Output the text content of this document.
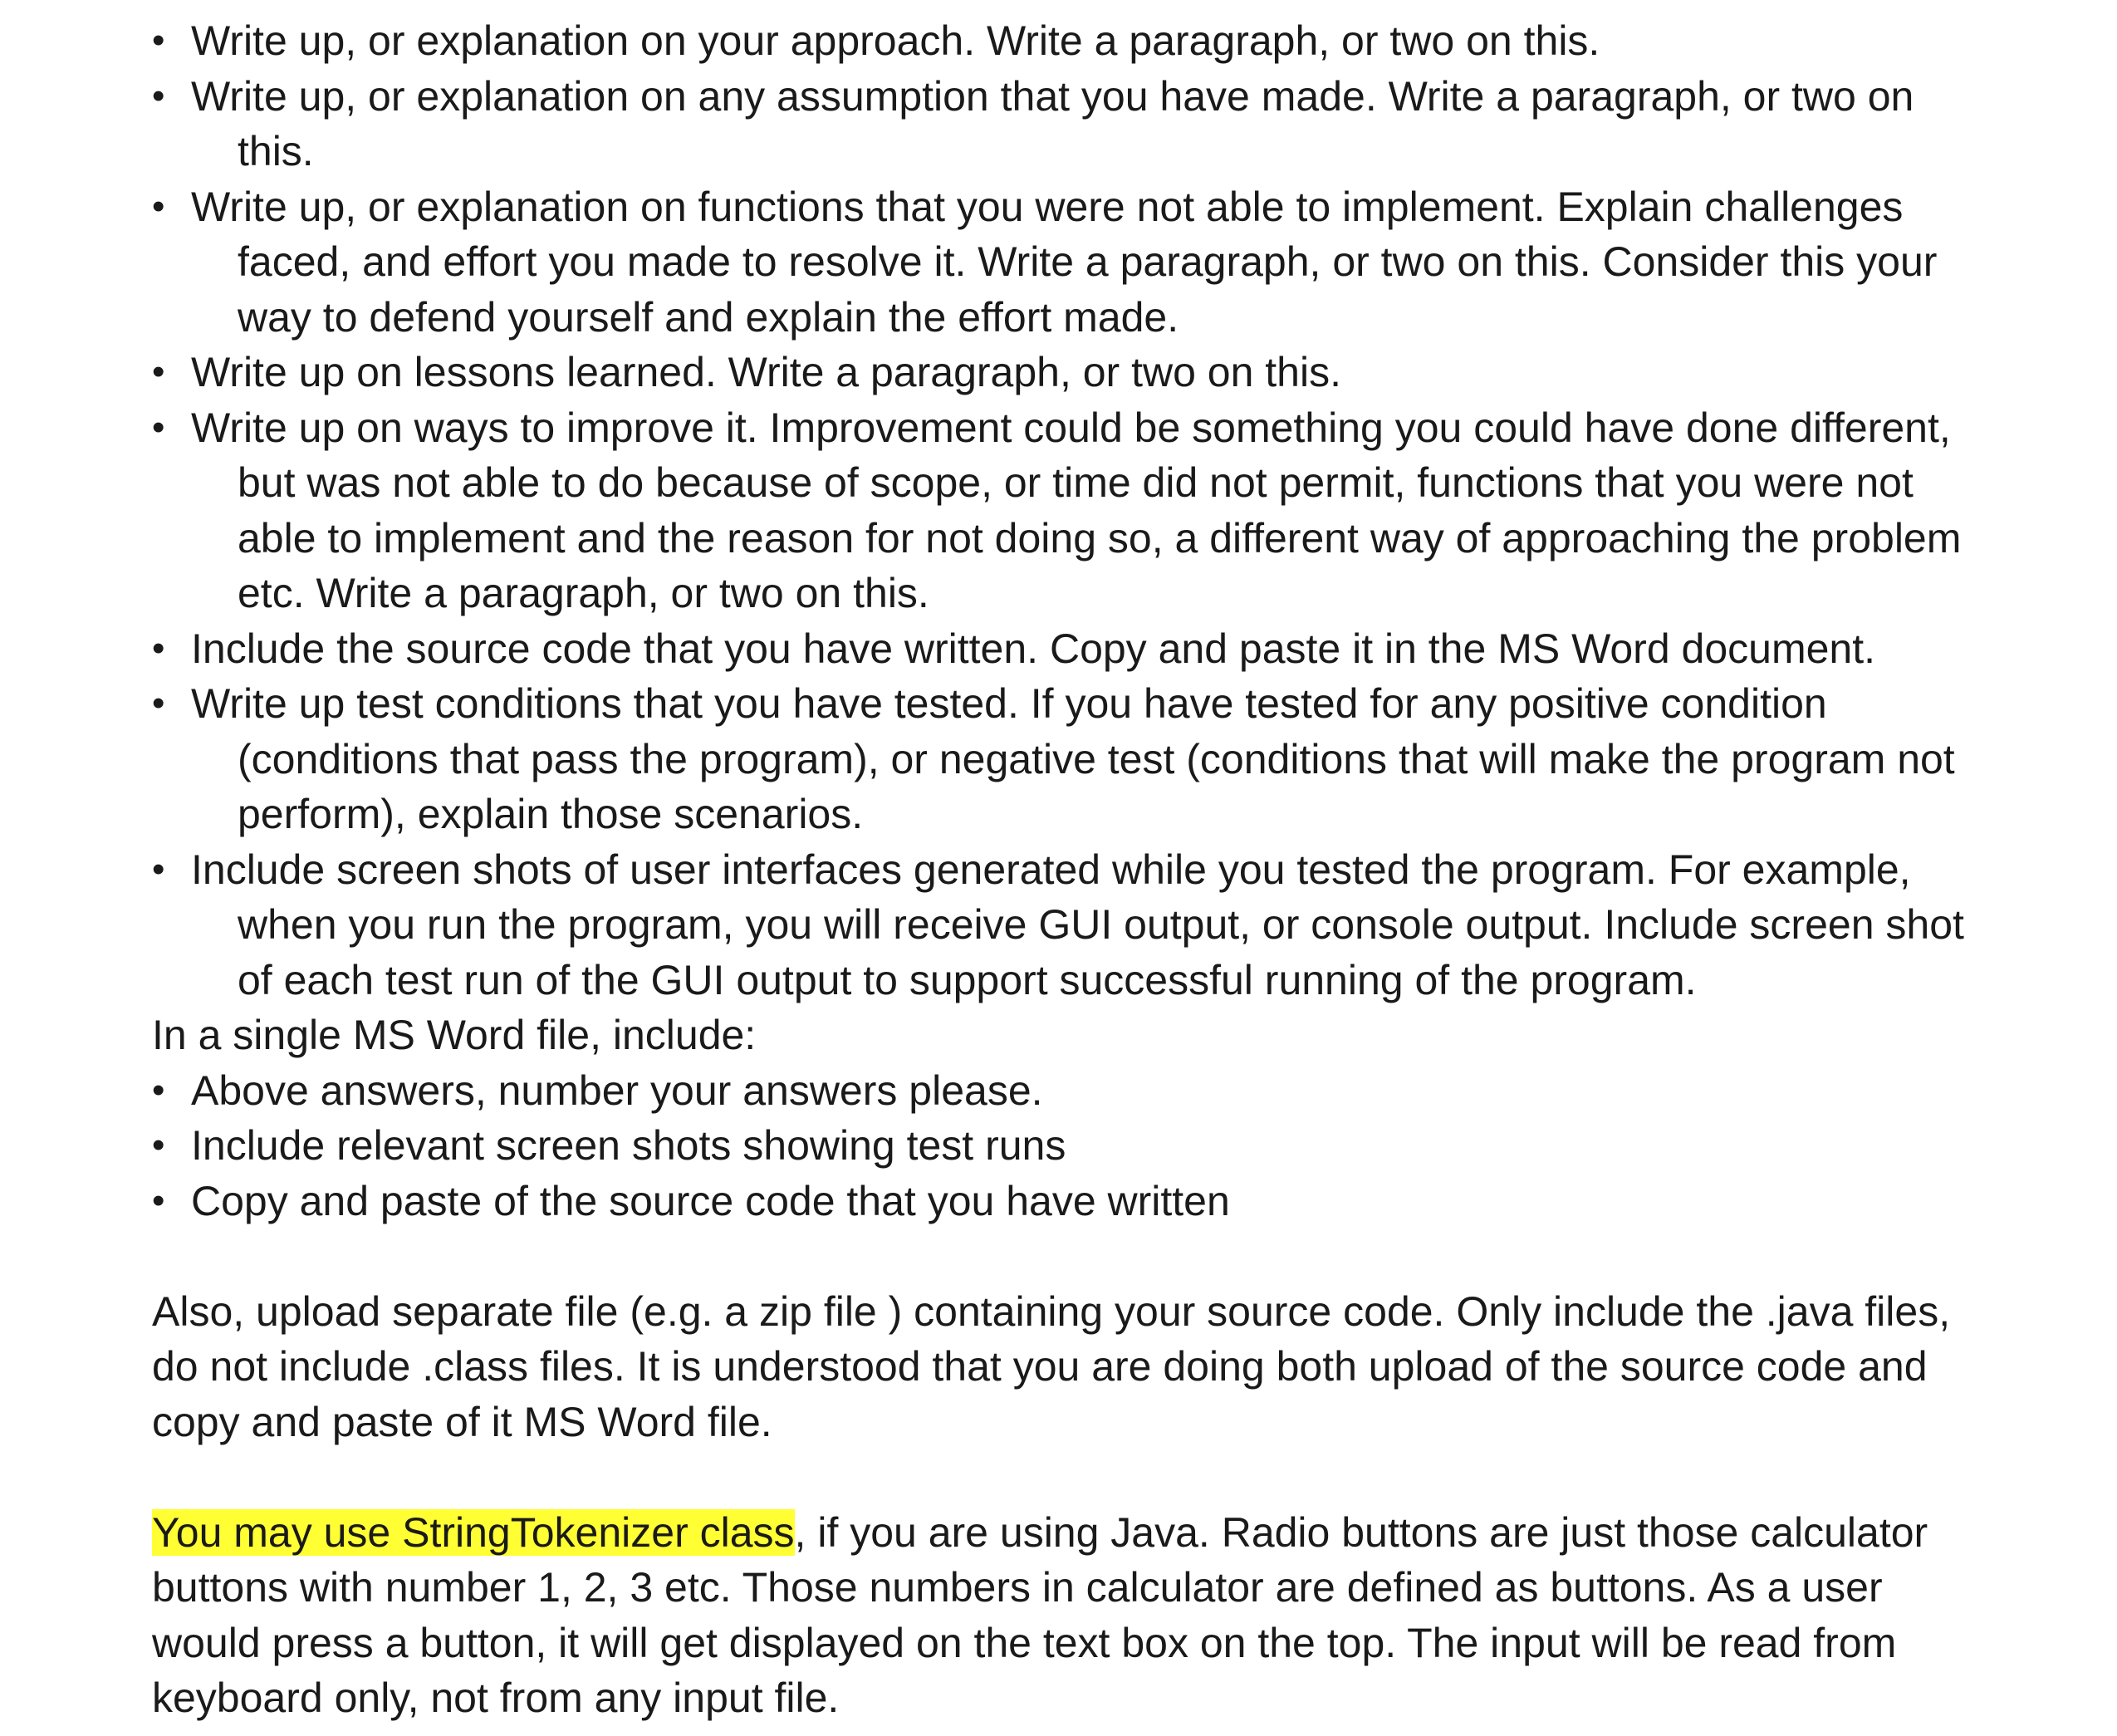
• Write up, or explanation on your approach. Write a paragraph, or two on this.
• Write up, or explanation on any assumption that you have made. Write a paragraph, or two on this.
• Write up, or explanation on functions that you were not able to implement. Explain challenges faced, and effort you made to resolve it. Write a paragraph, or two on this. Consider this your way to defend yourself and explain the effort made.
• Write up on lessons learned. Write a paragraph, or two on this.
• Write up on ways to improve it. Improvement could be something you could have done different, but was not able to do because of scope, or time did not permit, functions that you were not able to implement and the reason for not doing so, a different way of approaching the problem etc. Write a paragraph, or two on this.
• Include the source code that you have written. Copy and paste it in the MS Word document.
• Write up test conditions that you have tested. If you have tested for any positive condition (conditions that pass the program), or negative test (conditions that will make the program not perform), explain those scenarios.
• Include screen shots of user interfaces generated while you tested the program. For example, when you run the program, you will receive GUI output, or console output. Include screen shot of each test run of the GUI output to support successful running of the program.

In a single MS Word file, include:

• Above answers, number your answers please.
• Include relevant screen shots showing test runs
• Copy and paste of the source code that you have written

Also, upload separate file (e.g. a zip file ) containing your source code. Only include the .java files, do not include .class files. It is understood that you are doing both upload of the source code and copy and paste of it MS Word file.

You may use StringTokenizer class, if you are using Java. Radio buttons are just those calculator buttons with number 1, 2, 3 etc. Those numbers in calculator are defined as buttons. As a user would press a button, it will get displayed on the text box on the top. The input will be read from keyboard only, not from any input file.
